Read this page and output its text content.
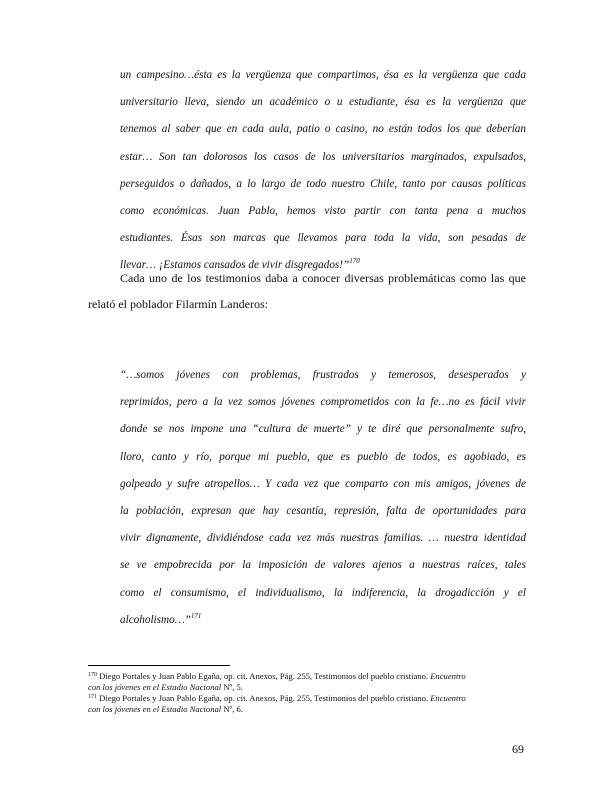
un campesino…ésta es la vergüenza que compartimos, ésa es la vergüenza que cada
universitario lleva, siendo un académico o u estudiante, ésa es la vergüenza que
tenemos al saber que en cada aula, patio o casino, no están todos los que deberían
estar… Son tan dolorosos los casos de los universitarios marginados, expulsados,
perseguidos o dañados, a lo largo de todo nuestro Chile, tanto por causas políticas
como económicas. Juan Pablo, hemos visto partir con tanta pena a muchos
estudiantes. Ésas son marcas que llevamos para toda la vida, son pesadas de
llevar… ¡Estamos cansados de vivir disgregados!”$^{170}$
Cada uno de los testimonios daba a conocer diversas problemáticas como las que
relató el poblador Filarmín Landeros:
“…somos jóvenes con problemas, frustrados y temerosos, desesperados y
reprimidos, pero a la vez somos jóvenes comprometidos con la fe…no es fácil vivir
donde se nos impone una “cultura de muerte” y te diré que personalmente sufro,
lloro, canto y río, porque mi pueblo, que es pueblo de todos, es agobiado, es
golpeado y sufre atropellos… Y cada vez que comparto con mis amigos, jóvenes de
la población, expresan que hay cesantía, represión, falta de oportunidades para
vivir dignamente, dividiéndose cada vez más nuestras familias. … nuestra identidad
se ve empobrecida por la imposición de valores ajenos a nuestras raíces, tales
como el consumismo, el individualismo, la indiferencia, la drogadicción y el
alcoholismo…”$^{171}$
$^{170}$ Diego Portales y Juan Pablo Egaña, op. cit. Anexos, Pág. 255, Testimonios del pueblo cristiano. Encuentro
con los jóvenes en el Estadio Nacional Nº, 5.
$^{171}$ Diego Portales y Juan Pablo Egaña, op. cit. Anexos, Pág. 255, Testimonios del pueblo cristiano. Encuentro
con los jóvenes en el Estadio Nacional Nº, 6.
69
